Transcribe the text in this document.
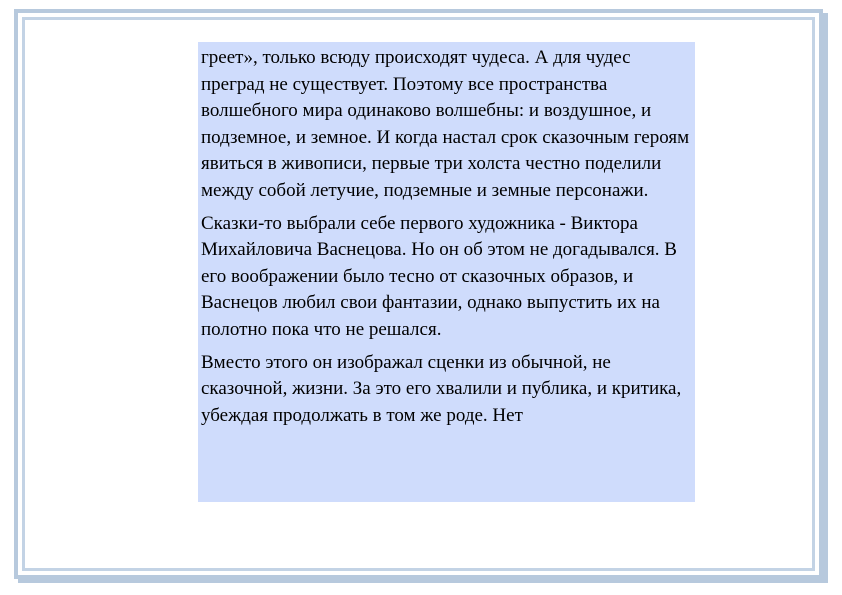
греет», только всюду происходят чудеса. А для чудес преград не существует. Поэтому все пространства волшебного мира одинаково волшебны: и воздушное, и подземное, и земное. И когда настал срок сказочным героям явиться в живописи, первые три холста честно поделили между собой летучие, подземные и земные персонажи.

Сказки-то выбрали себе первого художника - Виктора Михайловича Васнецова. Но он об этом не догадывался. В его воображении было тесно от сказочных образов, и Васнецов любил свои фантазии, однако выпустить их на полотно пока что не решался.

Вместо этого он изображал сценки из обычной, не сказочной, жизни. За это его хвалили и публика, и критика, убеждая продолжать в том же роде. Нет
